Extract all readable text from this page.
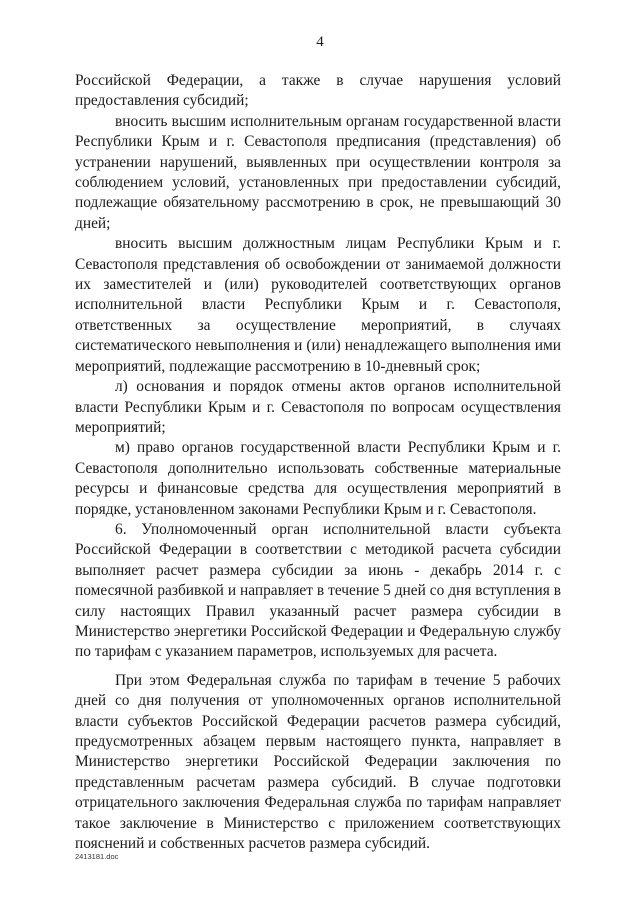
4

Российской Федерации, а также в случае нарушения условий предоставления субсидий;

вносить высшим исполнительным органам государственной власти Республики Крым и г. Севастополя предписания (представления) об устранении нарушений, выявленных при осуществлении контроля за соблюдением условий, установленных при предоставлении субсидий, подлежащие обязательному рассмотрению в срок, не превышающий 30 дней;

вносить высшим должностным лицам Республики Крым и г. Севастополя представления об освобождении от занимаемой должности их заместителей и (или) руководителей соответствующих органов исполнительной власти Республики Крым и г. Севастополя, ответственных за осуществление мероприятий, в случаях систематического невыполнения и (или) ненадлежащего выполнения ими мероприятий, подлежащие рассмотрению в 10-дневный срок;

л) основания и порядок отмены актов органов исполнительной власти Республики Крым и г. Севастополя по вопросам осуществления мероприятий;

м) право органов государственной власти Республики Крым и г. Севастополя дополнительно использовать собственные материальные ресурсы и финансовые средства для осуществления мероприятий в порядке, установленном законами Республики Крым и г. Севастополя.

6. Уполномоченный орган исполнительной власти субъекта Российской Федерации в соответствии с методикой расчета субсидии выполняет расчет размера субсидии за июнь - декабрь 2014 г. с помесячной разбивкой и направляет в течение 5 дней со дня вступления в силу настоящих Правил указанный расчет размера субсидии в Министерство энергетики Российской Федерации и Федеральную службу по тарифам с указанием параметров, используемых для расчета.

При этом Федеральная служба по тарифам в течение 5 рабочих дней со дня получения от уполномоченных органов исполнительной власти субъектов Российской Федерации расчетов размера субсидий, предусмотренных абзацем первым настоящего пункта, направляет в Министерство энергетики Российской Федерации заключения по представленным расчетам размера субсидий. В случае подготовки отрицательного заключения Федеральная служба по тарифам направляет такое заключение в Министерство с приложением соответствующих пояснений и собственных расчетов размера субсидий.

2413181.doc
